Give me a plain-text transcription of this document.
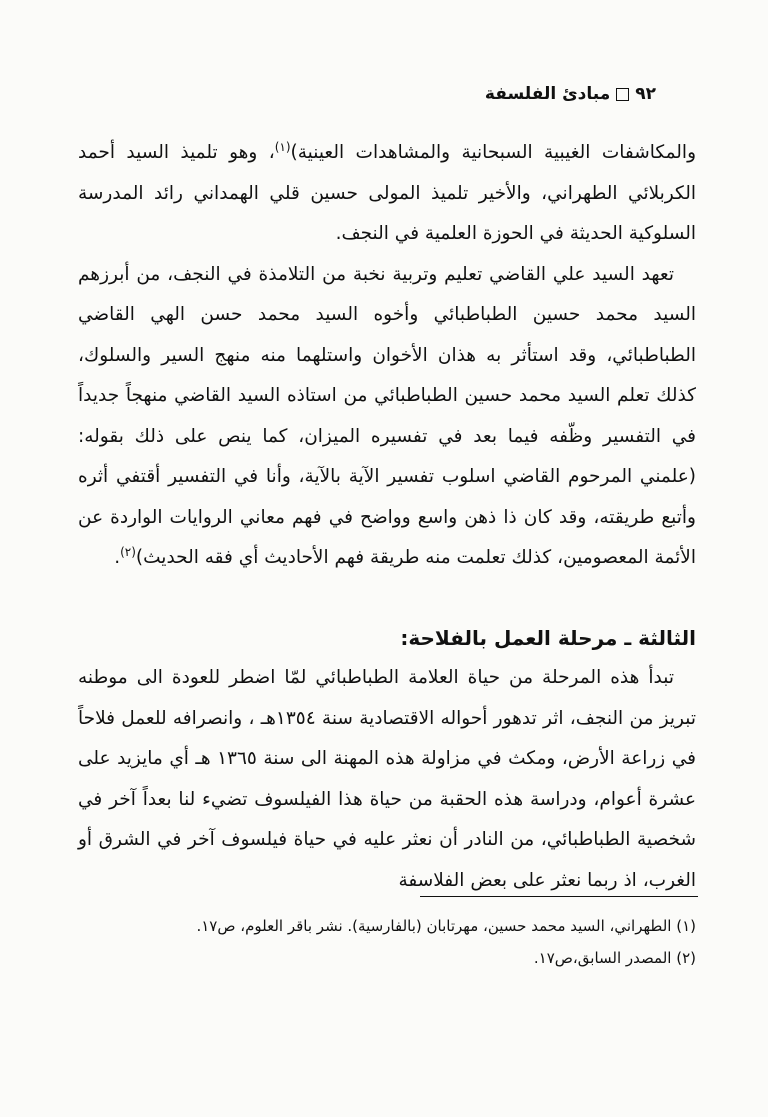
٩٢
مبادئ الفلسفة

والمكاشفات الغيبية السبحانية والمشاهدات العينية)$^{(١)}$، وهو تلميذ السيد أحمد الكربلائي الطهراني، والأخير تلميذ المولى حسين قلي الهمداني رائد المدرسة السلوكية الحديثة في الحوزة العلمية في النجف.

تعهد السيد علي القاضي تعليم وتربية نخبة من التلامذة في النجف، من أبرزهم السيد محمد حسين الطباطبائي وأخوه السيد محمد حسن الهي القاضي الطباطبائي، وقد استأثر به هذان الأخوان واستلهما منه منهج السير والسلوك، كذلك تعلم السيد محمد حسين الطباطبائي من استاذه السيد القاضي منهجاً جديداً في التفسير وظّفه فيما بعد في تفسيره الميزان، كما ينص على ذلك بقوله: (علمني المرحوم القاضي اسلوب تفسير الآية بالآية، وأنا في التفسير أقتفي أثره وأتبع طريقته، وقد كان ذا ذهن واسع وواضح في فهم معاني الروايات الواردة عن الأئمة المعصومين، كذلك تعلمت منه طريقة فهم الأحاديث أي فقه الحديث)$^{(٢)}$.

الثالثة ـ مرحلة العمل بالفلاحة:

تبدأ هذه المرحلة من حياة العلامة الطباطبائي لمّا اضطر للعودة الى موطنه تبريز من النجف، اثر تدهور أحواله الاقتصادية سنة ١٣٥٤هـ ، وانصرافه للعمل فلاحاً في زراعة الأرض، ومكث في مزاولة هذه المهنة الى سنة ١٣٦٥ هـ أي مايزيد على عشرة أعوام، ودراسة هذه الحقبة من حياة هذا الفيلسوف تضيء لنا بعداً آخر في شخصية الطباطبائي، من النادر أن نعثر عليه في حياة فيلسوف آخر في الشرق أو الغرب، اذ ربما نعثر على بعض الفلاسفة

(١) الطهراني، السيد محمد حسين، مهرتابان (بالفارسية). نشر باقر العلوم، ص١٧.
(٢) المصدر السابق،ص١٧.
